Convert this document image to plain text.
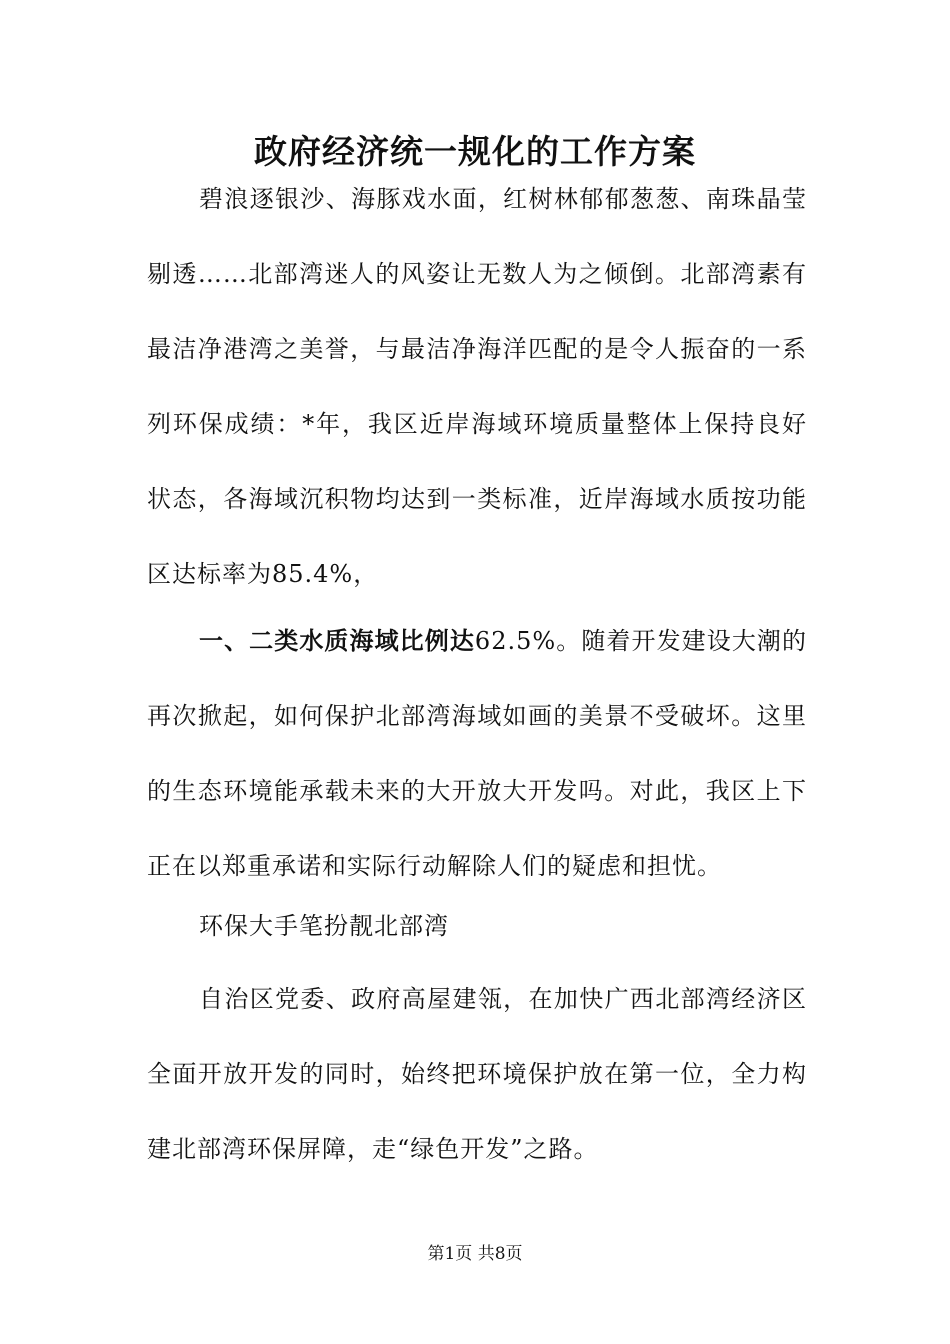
政府经济统一规化的工作方案

碧浪逐银沙、海豚戏水面，红树林郁郁葱葱、南珠晶莹剔透……北部湾迷人的风姿让无数人为之倾倒。北部湾素有最洁净港湾之美誉，与最洁净海洋匹配的是令人振奋的一系列环保成绩：*年，我区近岸海域环境质量整体上保持良好状态，各海域沉积物均达到一类标准，近岸海域水质按功能区达标率为85.4%，

一、二类水质海域比例达62.5%。随着开发建设大潮的再次掀起，如何保护北部湾海域如画的美景不受破坏。这里的生态环境能承载未来的大开放大开发吗。对此，我区上下正在以郑重承诺和实际行动解除人们的疑虑和担忧。

环保大手笔扮靓北部湾

自治区党委、政府高屋建瓴，在加快广西北部湾经济区全面开放开发的同时，始终把环境保护放在第一位，全力构建北部湾环保屏障，走“绿色开发”之路。

第1页 共8页
